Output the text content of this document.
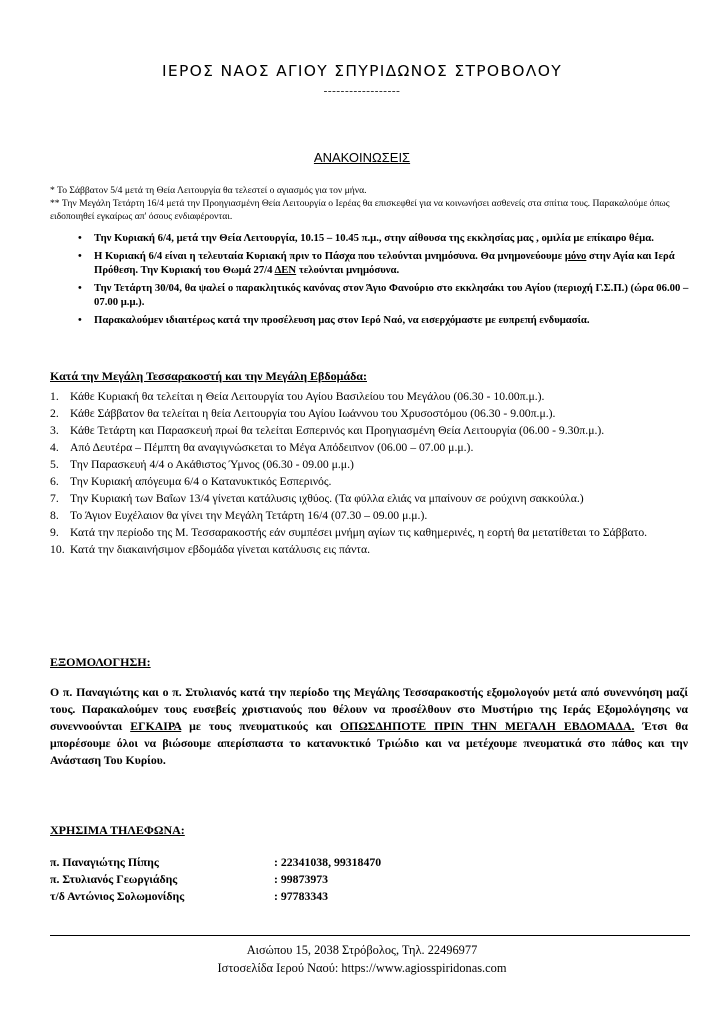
ΙΕΡΟΣ ΝΑΟΣ ΑΓΙΟΥ ΣΠΥΡΙΔΩΝΟΣ ΣΤΡΟΒΟΛΟΥ
------------------
ΑΝΑΚΟΙΝΩΣΕΙΣ
* Το Σάββατον 5/4 μετά τη Θεία Λειτουργία θα τελεστεί ο αγιασμός για τον μήνα.
** Την Μεγάλη Τετάρτη 16/4 μετά την Προηγιασμένη Θεία Λειτουργία ο Ιερέας θα επισκεφθεί για να κοινωνήσει ασθενείς στα σπίτια τους. Παρακαλούμε όπως ειδοποιηθεί εγκαίρως απ' όσους ενδιαφέρονται.
• Την Κυριακή 6/4, μετά την Θεία Λειτουργία, 10.15 – 10.45 π.μ., στην αίθουσα της εκκλησίας μας , ομιλία με επίκαιρο θέμα.
• Η Κυριακή 6/4 είναι η τελευταία Κυριακή πριν το Πάσχα που τελούνται μνημόσυνα. Θα μνημονεύουμε μόνο στην Αγία και Ιερά Πρόθεση. Την Κυριακή του Θωμά 27/4 ΔΕΝ τελούνται μνημόσυνα.
• Την Τετάρτη 30/04, θα ψαλεί ο παρακλητικός κανόνας στον Άγιο Φανούριο στο εκκλησάκι του Αγίου (περιοχή Γ.Σ.Π.) (ώρα 06.00 – 07.00 μ.μ.).
• Παρακαλούμεν ιδιαιτέρως κατά την προσέλευση μας στον Ιερό Ναό, να εισερχόμαστε με ευπρεπή ενδυμασία.
Κατά την Μεγάλη Τεσσαρακοστή και την Μεγάλη Εβδομάδα:
1. Κάθε Κυριακή θα τελείται η Θεία Λειτουργία του Αγίου Βασιλείου του Μεγάλου (06.30 - 10.00π.μ.).
2. Κάθε Σάββατον θα τελείται η θεία Λειτουργία του Αγίου Ιωάννου του Χρυσοστόμου (06.30 - 9.00π.μ.).
3. Κάθε Τετάρτη και Παρασκευή πρωί θα τελείται Εσπερινός και Προηγιασμένη Θεία Λειτουργία (06.00 - 9.30π.μ.).
4. Από Δευτέρα – Πέμπτη θα αναγιγνώσκεται το Μέγα Απόδειπνον (06.00 – 07.00 μ.μ.).
5. Την Παρασκευή 4/4 ο Ακάθιστος Ύμνος (06.30 - 09.00 μ.μ.)
6. Την Κυριακή απόγευμα 6/4 ο Κατανυκτικός Εσπερινός.
7. Την Κυριακή των Βαΐων 13/4 γίνεται κατάλυσις ιχθύος. (Τα φύλλα ελιάς να μπαίνουν σε ρούχινη σακκούλα.)
8. Το Άγιον Ευχέλαιον θα γίνει την Μεγάλη Τετάρτη 16/4 (07.30 – 09.00 μ.μ.).
9. Κατά την περίοδο της Μ. Τεσσαρακοστής εάν συμπέσει μνήμη αγίων τις καθημερινές, η εορτή θα μετατίθεται το Σάββατο.
10. Κατά την διακαινήσιμον εβδομάδα γίνεται κατάλυσις εις πάντα.
ΕΞΟΜΟΛΟΓΗΣΗ:
Ο π. Παναγιώτης και ο π. Στυλιανός κατά την περίοδο της Μεγάλης Τεσσαρακοστής εξομολογούν μετά από συνεννόηση μαζί τους. Παρακαλούμεν τους ευσεβείς χριστιανούς που θέλουν να προσέλθουν στο Μυστήριο της Ιεράς Εξομολόγησης να συνεννοούνται ΕΓΚΑΙΡΑ με τους πνευματικούς και ΟΠΩΣΔΗΠΟΤΕ ΠΡΙΝ ΤΗΝ ΜΕΓΑΛΗ ΕΒΔΟΜΑΔΑ. Έτσι θα μπορέσουμε όλοι να βιώσουμε απερίσπαστα το κατανυκτικό Τριώδιο και να μετέχουμε πνευματικά στο πάθος και την Ανάσταση Του Κυρίου.
ΧΡΗΣΙΜΑ ΤΗΛΕΦΩΝΑ:
π. Παναγιώτης Πίπης	: 22341038, 99318470
π. Στυλιανός Γεωργιάδης	: 99873973
τ/δ Αντώνιος Σολωμονίδης	: 97783343
Αισώπου 15, 2038 Στρόβολος, Τηλ. 22496977
Ιστοσελίδα Ιερού Ναού: https://www.agiosspiridonas.com
